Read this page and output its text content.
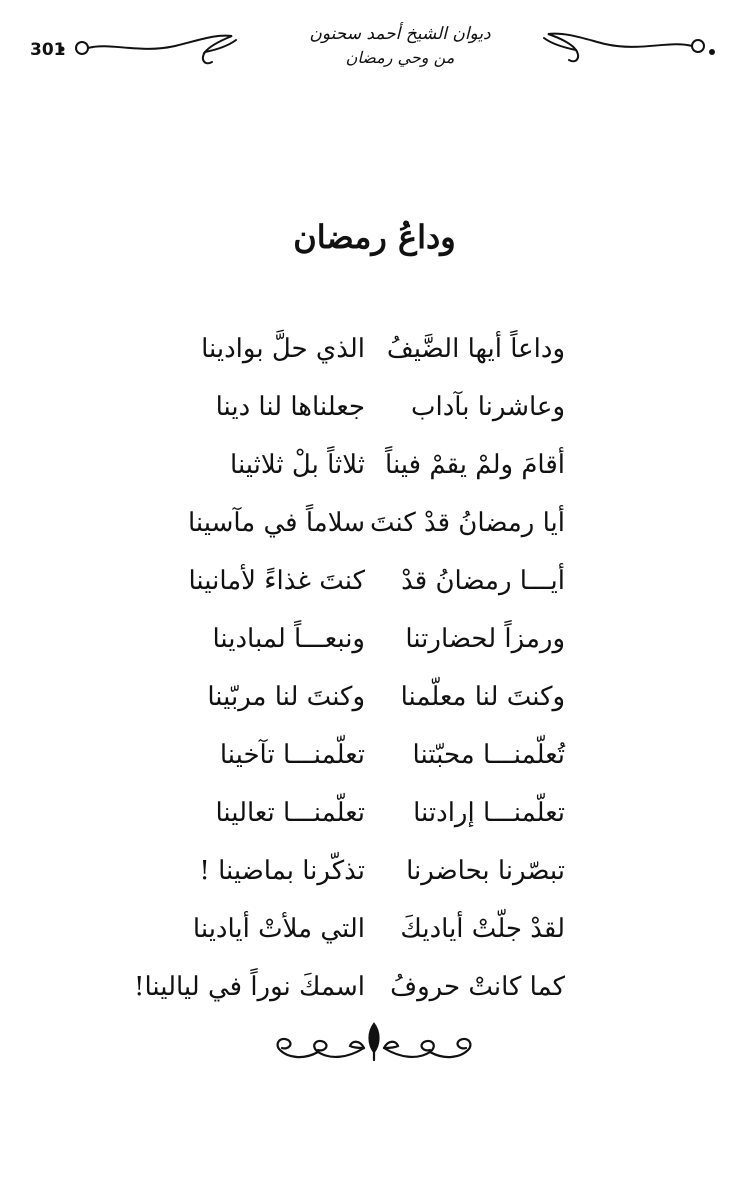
301
ديوان الشيخ أحمد سحنون
من وحي رمضان
وداعُ رمضان
وداعاً أيها الضَّيفُ
الذي حلَّ بوادينا
وعاشرنا بآداب
جعلناها لنا دينا
أقامَ ولمْ يقمْ فيناً
ثلاثاً بلْ ثلاثينا
أيا رمضانُ قدْ كنتَ
سلاماً في مآسينا
أيـــا رمضانُ قدْ
كنتَ غذاءً لأمانينا
ورمزاً لحضارتنا
ونبعـــاً لمبادينا
وكنتَ لنا معلّمنا
وكنتَ لنا مربّينا
تُعلّمنـــا محبّتنا
تعلّمنـــا تآخينا
تعلّمنـــا إرادتنا
تعلّمنـــا تعالينا
تبصّرنا بحاضرنا
تذكّرنا بماضينا !
لقدْ جلّتْ أياديكَ
التي ملأتْ أيادينا
كما كانتْ حروفُ
اسمكَ نوراً في ليالينا!
